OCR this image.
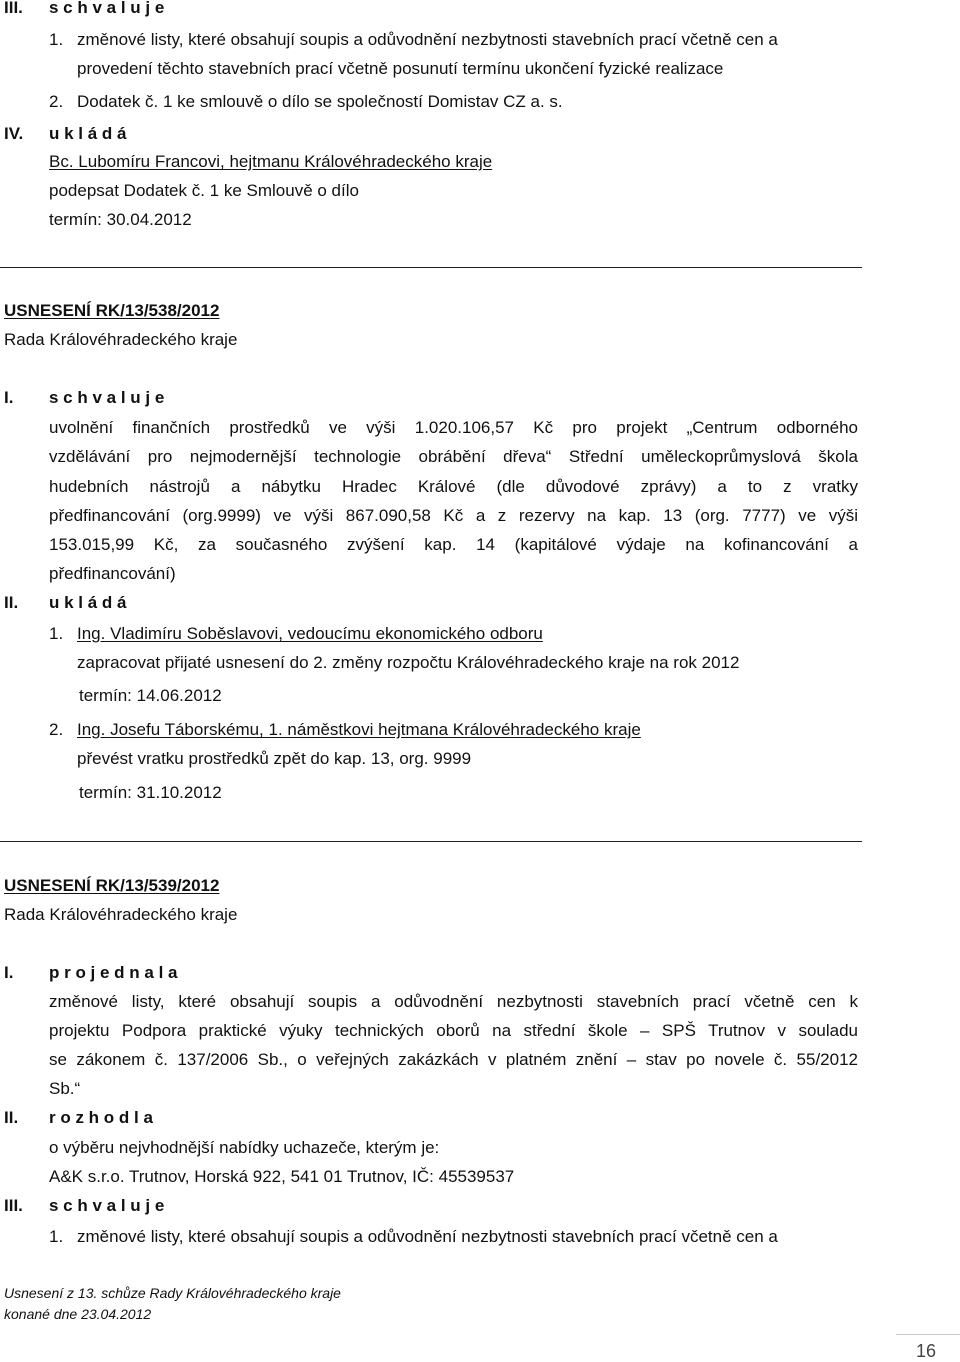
III. s c h v a l u j e
1. změnové listy, které obsahují soupis a odůvodnění nezbytnosti stavebních prací včetně cen a
provedení těchto stavebních prací včetně posunutí termínu ukončení fyzické realizace
2. Dodatek č. 1 ke smlouvě o dílo se společností Domistav CZ a. s.
IV. u k l á d á
Bc. Lubomíru Francovi, hejtmanu Královéhradeckého kraje
podepsat Dodatek č. 1 ke Smlouvě o dílo
termín: 30.04.2012
USNESENÍ RK/13/538/2012
Rada Královéhradeckého kraje
I. s c h v a l u j e
uvolnění finančních prostředků ve výši 1.020.106,57 Kč pro projekt „Centrum odborného
vzdělávání pro nejmodernější technologie obrábění dřeva“ Střední uměleckoprůmyslová škola
hudebních nástrojů a nábytku Hradec Králové (dle důvodové zprávy) a to z vratky
předfinancování (org.9999) ve výši 867.090,58 Kč a z rezervy na kap. 13 (org. 7777) ve výši
153.015,99 Kč, za současného zvýšení kap. 14 (kapitálové výdaje na kofinancování a
předfinancování)
II. u k l á d á
1. Ing. Vladimíru Soběslavovi, vedoucímu ekonomického odboru
zapracovat přijaté usnesení do 2. změny rozpočtu Královéhradeckého kraje na rok 2012
termín: 14.06.2012
2. Ing. Josefu Táborskému, 1. náměstkovi hejtmana Královéhradeckého kraje
převést vratku prostředků zpět do kap. 13, org. 9999
termín: 31.10.2012
USNESENÍ RK/13/539/2012
Rada Královéhradeckého kraje
I. p r o j e d n a l a
změnové listy, které obsahují soupis a odůvodnění nezbytnosti stavebních prací včetně cen k
projektu Podpora praktické výuky technických oborů na střední škole – SPŠ Trutnov v souladu
se zákonem č. 137/2006 Sb., o veřejných zakázkách v platném znění – stav po novele č. 55/2012
Sb.“
II. r o z h o d l a
o výběru nejvhodnější nabídky uchazeče, kterým je:
A&K s.r.o. Trutnov, Horská 922, 541 01 Trutnov, IČ: 45539537
III. s c h v a l u j e
1. změnové listy, které obsahují soupis a odůvodnění nezbytnosti stavebních prací včetně cen a
Usnesení z 13. schůze Rady Královéhradeckého kraje
konané dne 23.04.2012
16
